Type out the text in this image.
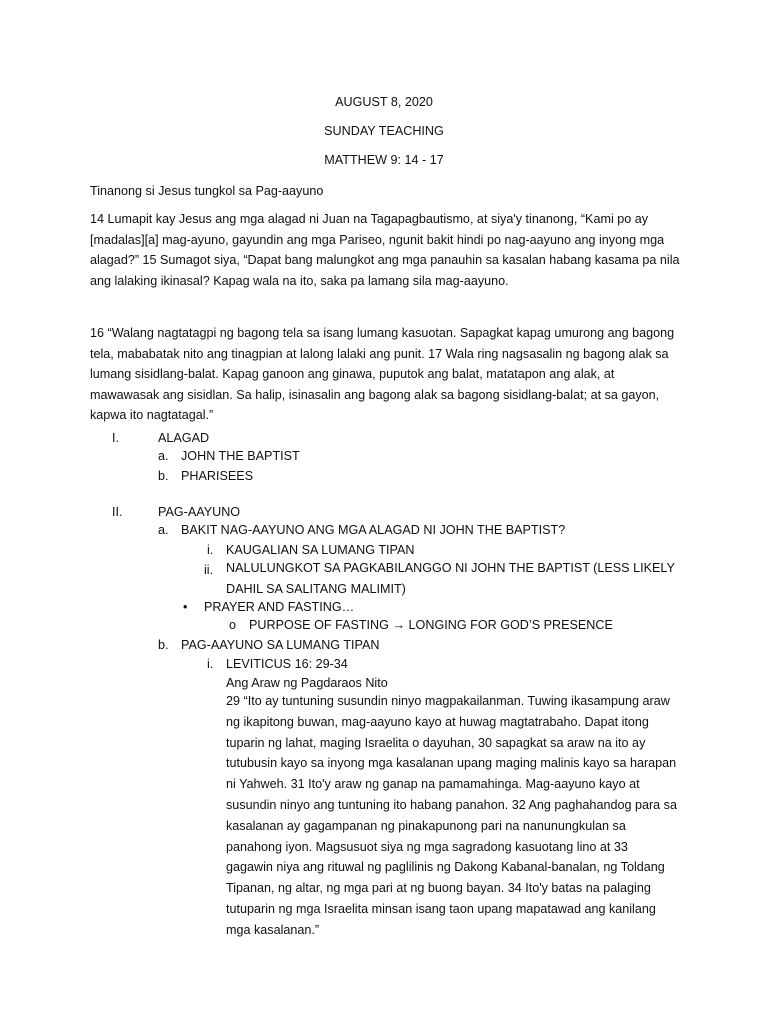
AUGUST 8, 2020
SUNDAY TEACHING
MATTHEW 9: 14 - 17
Tinanong si Jesus tungkol sa Pag-aayuno

14 Lumapit kay Jesus ang mga alagad ni Juan na Tagapagbautismo, at siya'y tinanong, “Kami po ay [madalas][a] mag-ayuno, gayundin ang mga Pariseo, ngunit bakit hindi po nag-aayuno ang inyong mga alagad?” 15 Sumagot siya, “Dapat bang malungkot ang mga panauhin sa kasalan habang kasama pa nila ang lalaking ikinasal? Kapag wala na ito, saka pa lamang sila mag-aayuno.

16 “Walang nagtatagpi ng bagong tela sa isang lumang kasuotan. Sapagkat kapag umurong ang bagong tela, mababatak nito ang tinagpian at lalong lalaki ang punit. 17 Wala ring nagsasalin ng bagong alak sa lumang sisidlang-balat. Kapag ganoon ang ginawa, puputok ang balat, matatapon ang alak, at mawawasak ang sisidlan. Sa halip, isinasalin ang bagong alak sa bagong sisidlang-balat; at sa gayon, kapwa ito nagtatagal.”

I.	ALAGAD
a. JOHN THE BAPTIST
b. PHARISEES
II.	PAG-AAYUNO
a. BAKIT NAG-AAYUNO ANG MGA ALAGAD NI JOHN THE BAPTIST?
i. KAUGALIAN SA LUMANG TIPAN
ii. NALULUNGKOT SA PAGKABILANGGO NI JOHN THE BAPTIST (LESS LIKELY DAHIL SA SALITANG MALIMIT)
• PRAYER AND FASTING…
o PURPOSE OF FASTING → LONGING FOR GOD’S PRESENCE
b. PAG-AAYUNO SA LUMANG TIPAN
i. LEVITICUS 16: 29-34
Ang Araw ng Pagdaraos Nito

29 “Ito ay tuntuning susundin ninyo magpakailanman. Tuwing ikasampung araw ng ikapitong buwan, mag-aayuno kayo at huwag magtatrabaho. Dapat itong tuparin ng lahat, maging Israelita o dayuhan, 30 sapagkat sa araw na ito ay tutubusin kayo sa inyong mga kasalanan upang maging malinis kayo sa harapan ni Yahweh. 31 Ito'y araw ng ganap na pamamahinga. Mag-aayuno kayo at susundin ninyo ang tuntuning ito habang panahon. 32 Ang paghahandog para sa kasalanan ay gagampanan ng pinakapunong pari na nanunungkulan sa panahong iyon. Magsusuot siya ng mga sagradong kasuotang lino at 33 gagawin niya ang rituwal ng paglilinis ng Dakong Kabanal-banalan, ng Toldang Tipanan, ng altar, ng mga pari at ng buong bayan. 34 Ito'y batas na palaging tutuparin ng mga Israelita minsan isang taon upang mapatawad ang kanilang mga kasalanan.”
